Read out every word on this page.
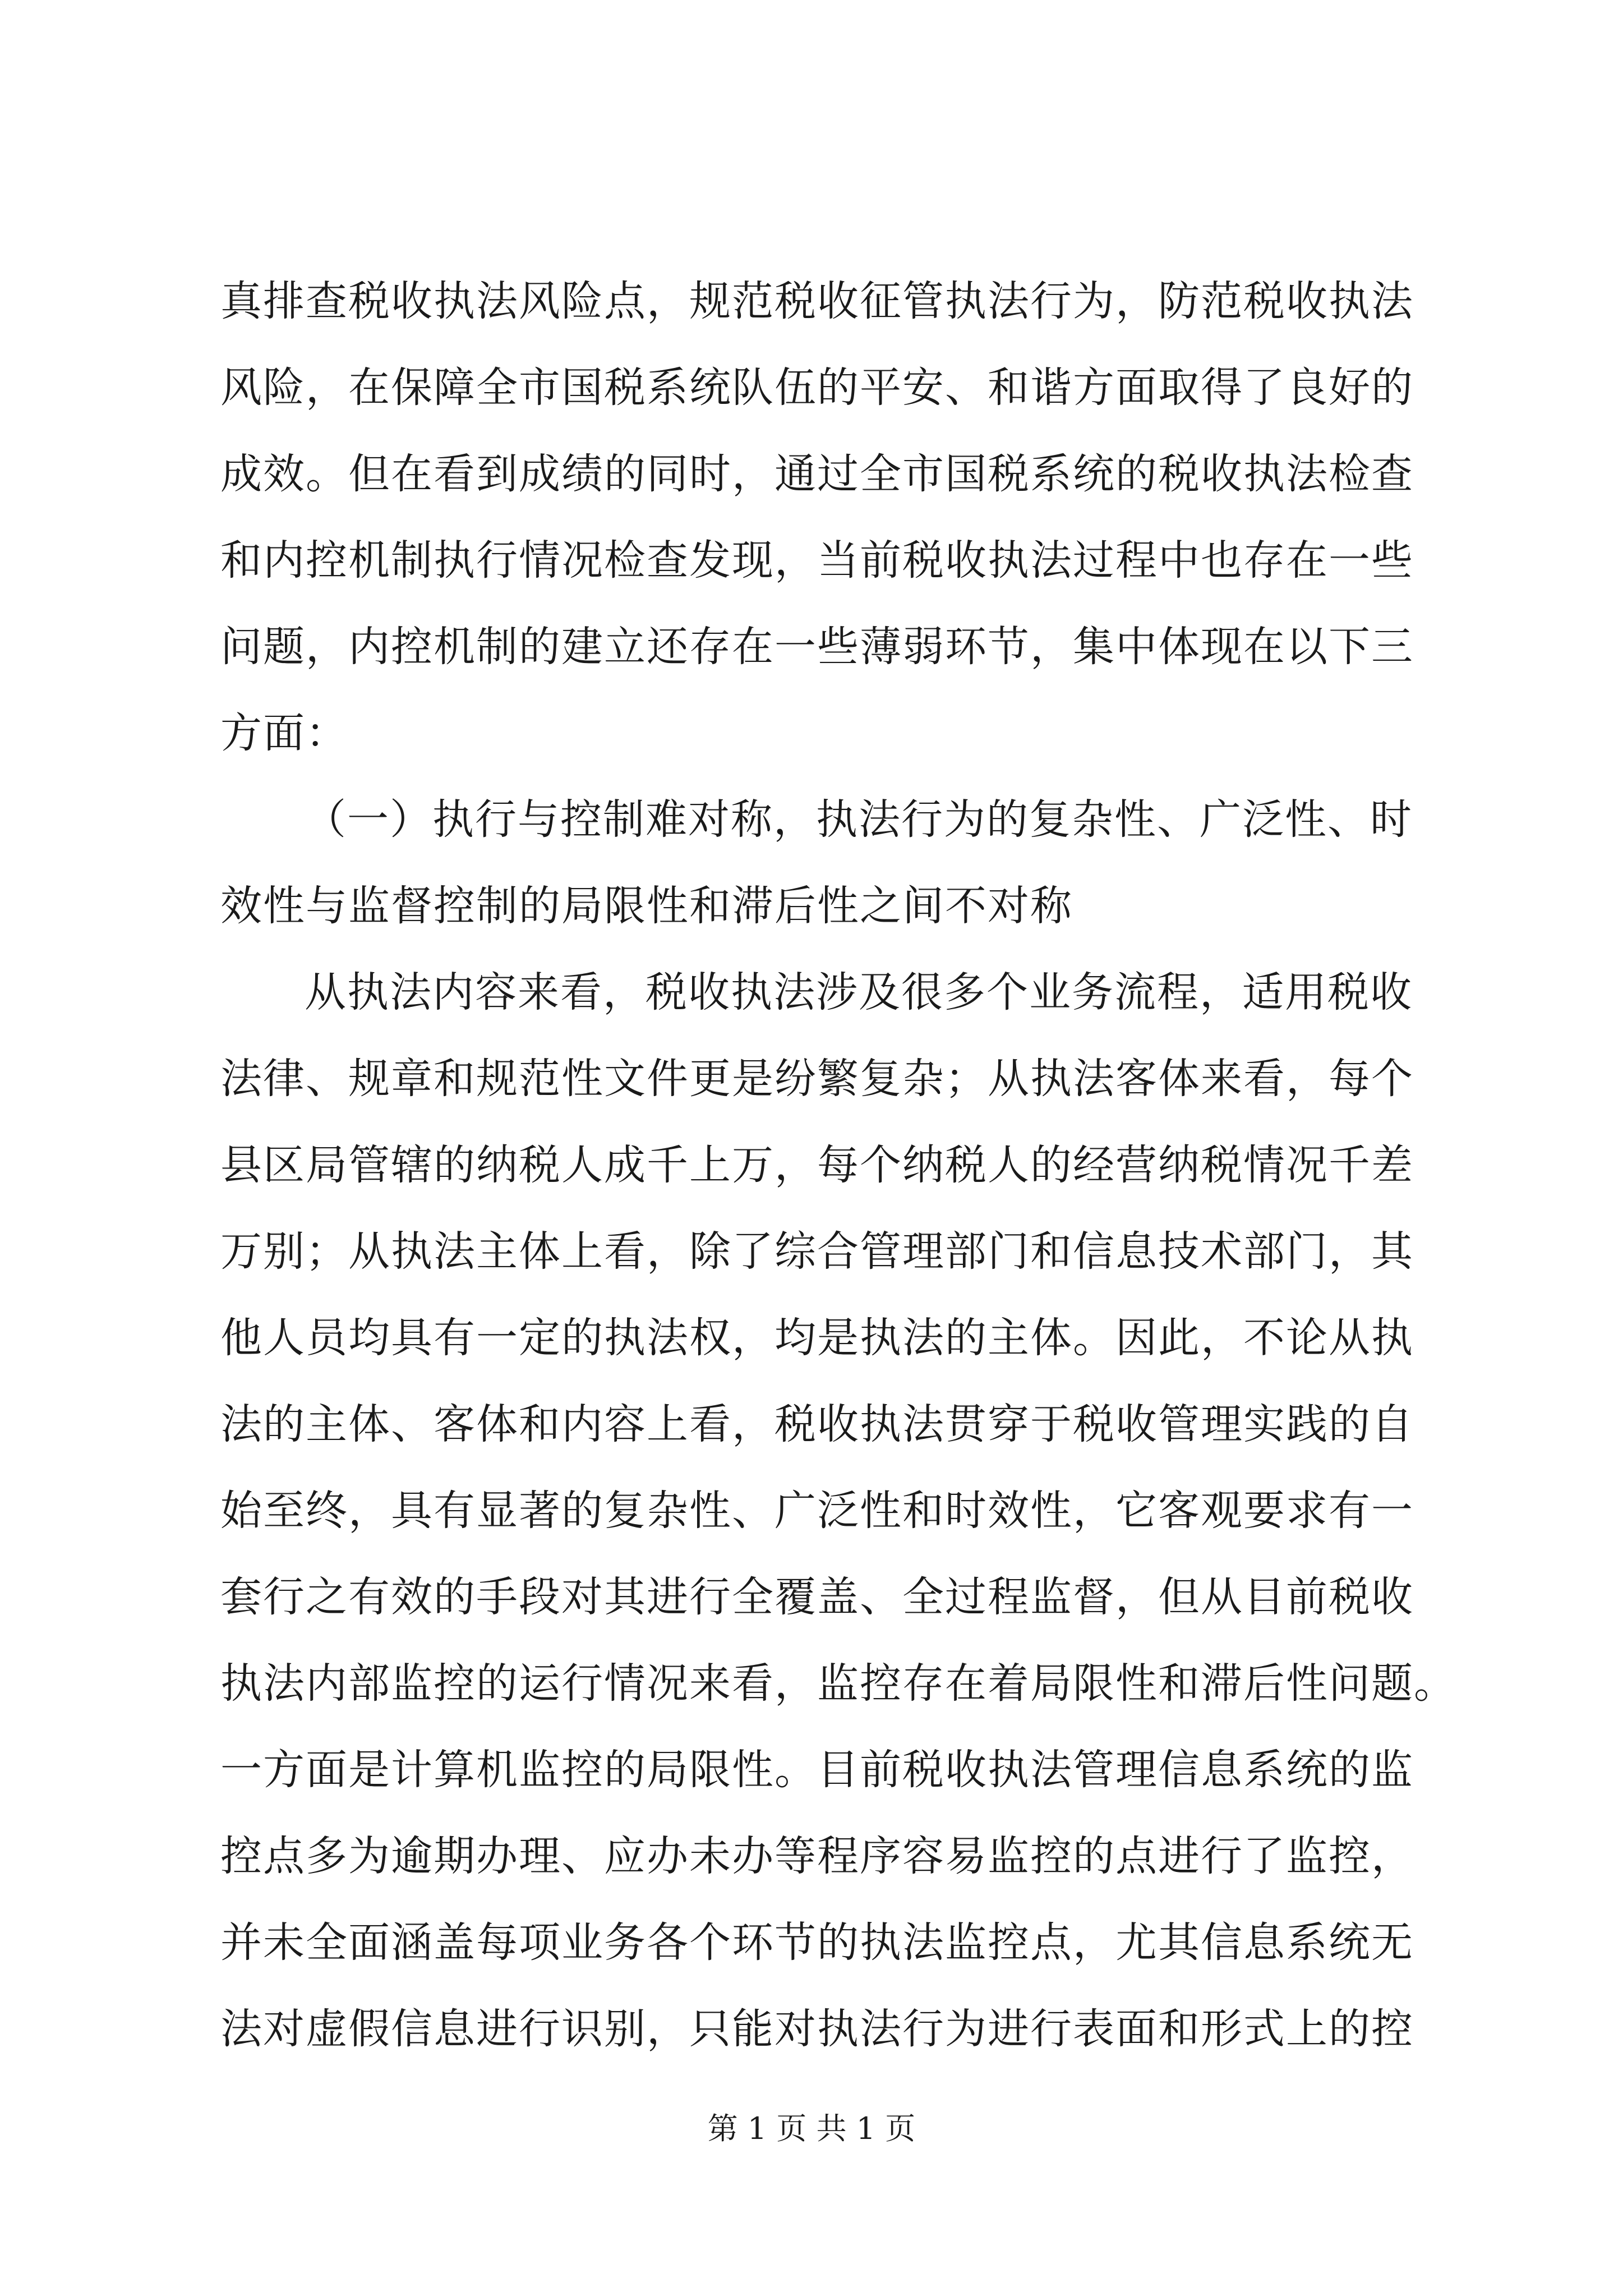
真排查税收执法风险点，规范税收征管执法行为，防范税收执法
风险，在保障全市国税系统队伍的平安、和谐方面取得了良好的
成效。但在看到成绩的同时，通过全市国税系统的税收执法检查
和内控机制执行情况检查发现，当前税收执法过程中也存在一些
问题，内控机制的建立还存在一些薄弱环节，集中体现在以下三
方面：
（一）执行与控制难对称，执法行为的复杂性、广泛性、时
效性与监督控制的局限性和滞后性之间不对称
从执法内容来看，税收执法涉及很多个业务流程，适用税收
法律、规章和规范性文件更是纷繁复杂；从执法客体来看，每个
县区局管辖的纳税人成千上万，每个纳税人的经营纳税情况千差
万别；从执法主体上看，除了综合管理部门和信息技术部门，其
他人员均具有一定的执法权，均是执法的主体。因此，不论从执
法的主体、客体和内容上看，税收执法贯穿于税收管理实践的自
始至终，具有显著的复杂性、广泛性和时效性，它客观要求有一
套行之有效的手段对其进行全覆盖、全过程监督，但从目前税收
执法内部监控的运行情况来看，监控存在着局限性和滞后性问题。
一方面是计算机监控的局限性。目前税收执法管理信息系统的监
控点多为逾期办理、应办未办等程序容易监控的点进行了监控，
并未全面涵盖每项业务各个环节的执法监控点，尤其信息系统无
法对虚假信息进行识别，只能对执法行为进行表面和形式上的控
第 1 页 共 1 页
